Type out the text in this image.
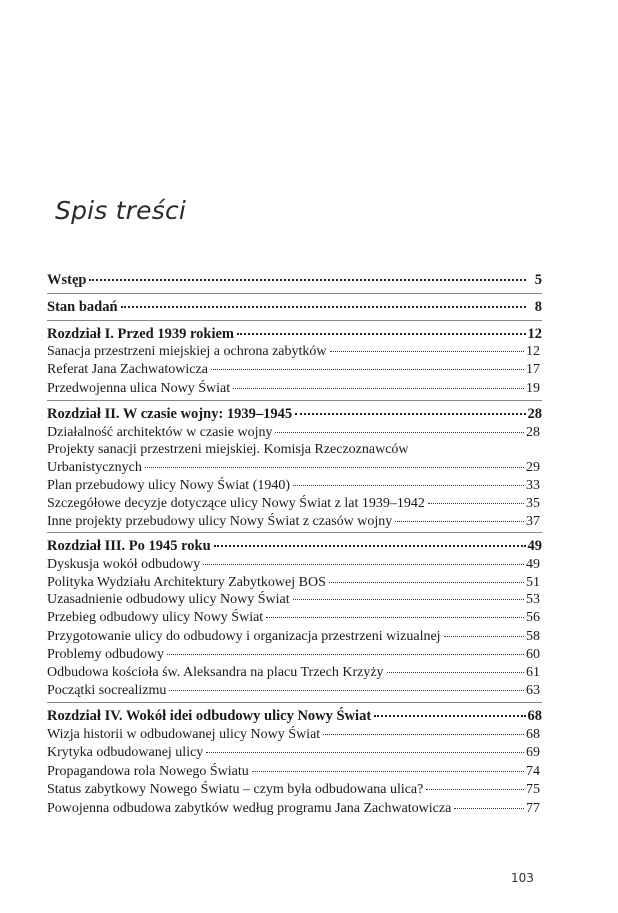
Spis treści
Wstęp	5
Stan badań	8
Rozdział I. Przed 1939 rokiem	12
Sanacja przestrzeni miejskiej a ochrona zabytków	12
Referat Jana Zachwatowicza	17
Przedwojenna ulica Nowy Świat	19
Rozdział II. W czasie wojny: 1939–1945	28
Działalność architektów w czasie wojny	28
Projekty sanacji przestrzeni miejskiej. Komisja Rzeczoznawców
Urbanistycznych	29
Plan przebudowy ulicy Nowy Świat (1940)	33
Szczegółowe decyzje dotyczące ulicy Nowy Świat z lat 1939–1942	35
Inne projekty przebudowy ulicy Nowy Świat z czasów wojny	37
Rozdział III. Po 1945 roku	49
Dyskusja wokół odbudowy	49
Polityka Wydziału Architektury Zabytkowej BOS	51
Uzasadnienie odbudowy ulicy Nowy Świat	53
Przebieg odbudowy ulicy Nowy Świat	56
Przygotowanie ulicy do odbudowy i organizacja przestrzeni wizualnej	58
Problemy odbudowy	60
Odbudowa kościoła św. Aleksandra na placu Trzech Krzyży	61
Początki socrealizmu	63
Rozdział IV. Wokół idei odbudowy ulicy Nowy Świat	68
Wizja historii w odbudowanej ulicy Nowy Świat	68
Krytyka odbudowanej ulicy	69
Propagandowa rola Nowego Światu	74
Status zabytkowy Nowego Światu – czym była odbudowana ulica?	75
Powojenna odbudowa zabytków według programu Jana Zachwatowicza	77
103
